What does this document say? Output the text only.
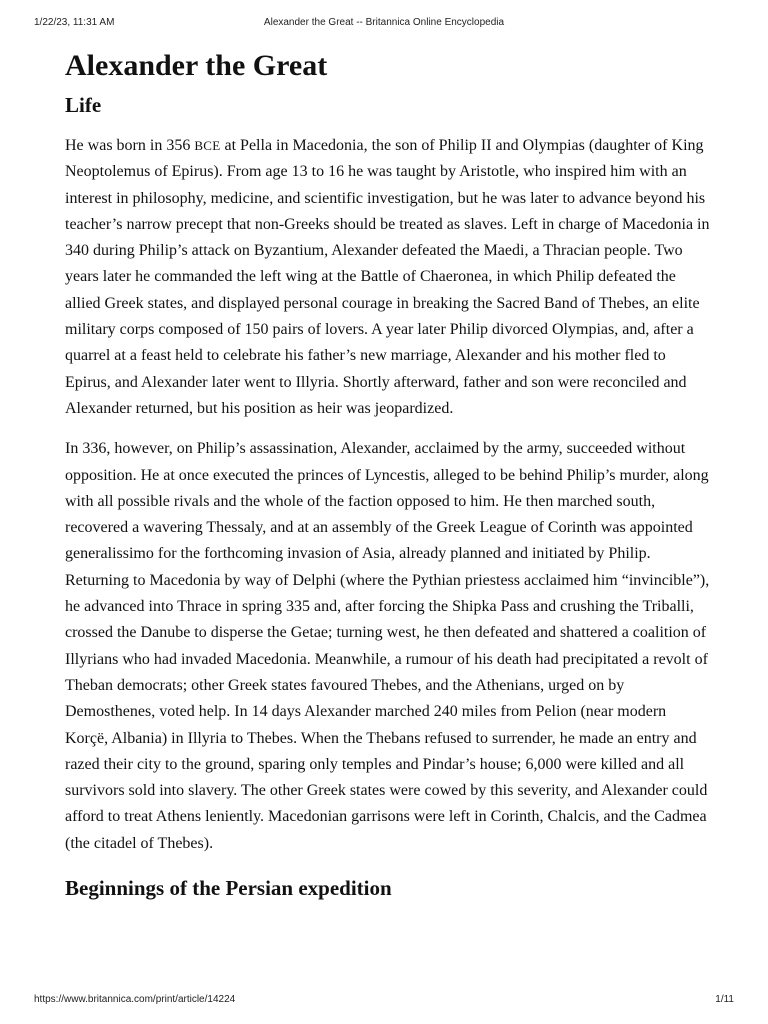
1/22/23, 11:31 AM	Alexander the Great -- Britannica Online Encyclopedia
Alexander the Great
Life

He was born in 356 BCE at Pella in Macedonia, the son of Philip II and Olympias (daughter of King Neoptolemus of Epirus). From age 13 to 16 he was taught by Aristotle, who inspired him with an interest in philosophy, medicine, and scientific investigation, but he was later to advance beyond his teacher’s narrow precept that non-Greeks should be treated as slaves. Left in charge of Macedonia in 340 during Philip’s attack on Byzantium, Alexander defeated the Maedi, a Thracian people. Two years later he commanded the left wing at the Battle of Chaeronea, in which Philip defeated the allied Greek states, and displayed personal courage in breaking the Sacred Band of Thebes, an elite military corps composed of 150 pairs of lovers. A year later Philip divorced Olympias, and, after a quarrel at a feast held to celebrate his father’s new marriage, Alexander and his mother fled to Epirus, and Alexander later went to Illyria. Shortly afterward, father and son were reconciled and Alexander returned, but his position as heir was jeopardized.

In 336, however, on Philip’s assassination, Alexander, acclaimed by the army, succeeded without opposition. He at once executed the princes of Lyncestis, alleged to be behind Philip’s murder, along with all possible rivals and the whole of the faction opposed to him. He then marched south, recovered a wavering Thessaly, and at an assembly of the Greek League of Corinth was appointed generalissimo for the forthcoming invasion of Asia, already planned and initiated by Philip. Returning to Macedonia by way of Delphi (where the Pythian priestess acclaimed him “invincible”), he advanced into Thrace in spring 335 and, after forcing the Shipka Pass and crushing the Triballi, crossed the Danube to disperse the Getae; turning west, he then defeated and shattered a coalition of Illyrians who had invaded Macedonia. Meanwhile, a rumour of his death had precipitated a revolt of Theban democrats; other Greek states favoured Thebes, and the Athenians, urged on by Demosthenes, voted help. In 14 days Alexander marched 240 miles from Pelion (near modern Korçë, Albania) in Illyria to Thebes. When the Thebans refused to surrender, he made an entry and razed their city to the ground, sparing only temples and Pindar’s house; 6,000 were killed and all survivors sold into slavery. The other Greek states were cowed by this severity, and Alexander could afford to treat Athens leniently. Macedonian garrisons were left in Corinth, Chalcis, and the Cadmea (the citadel of Thebes).

Beginnings of the Persian expedition
https://www.britannica.com/print/article/14224	1/11
